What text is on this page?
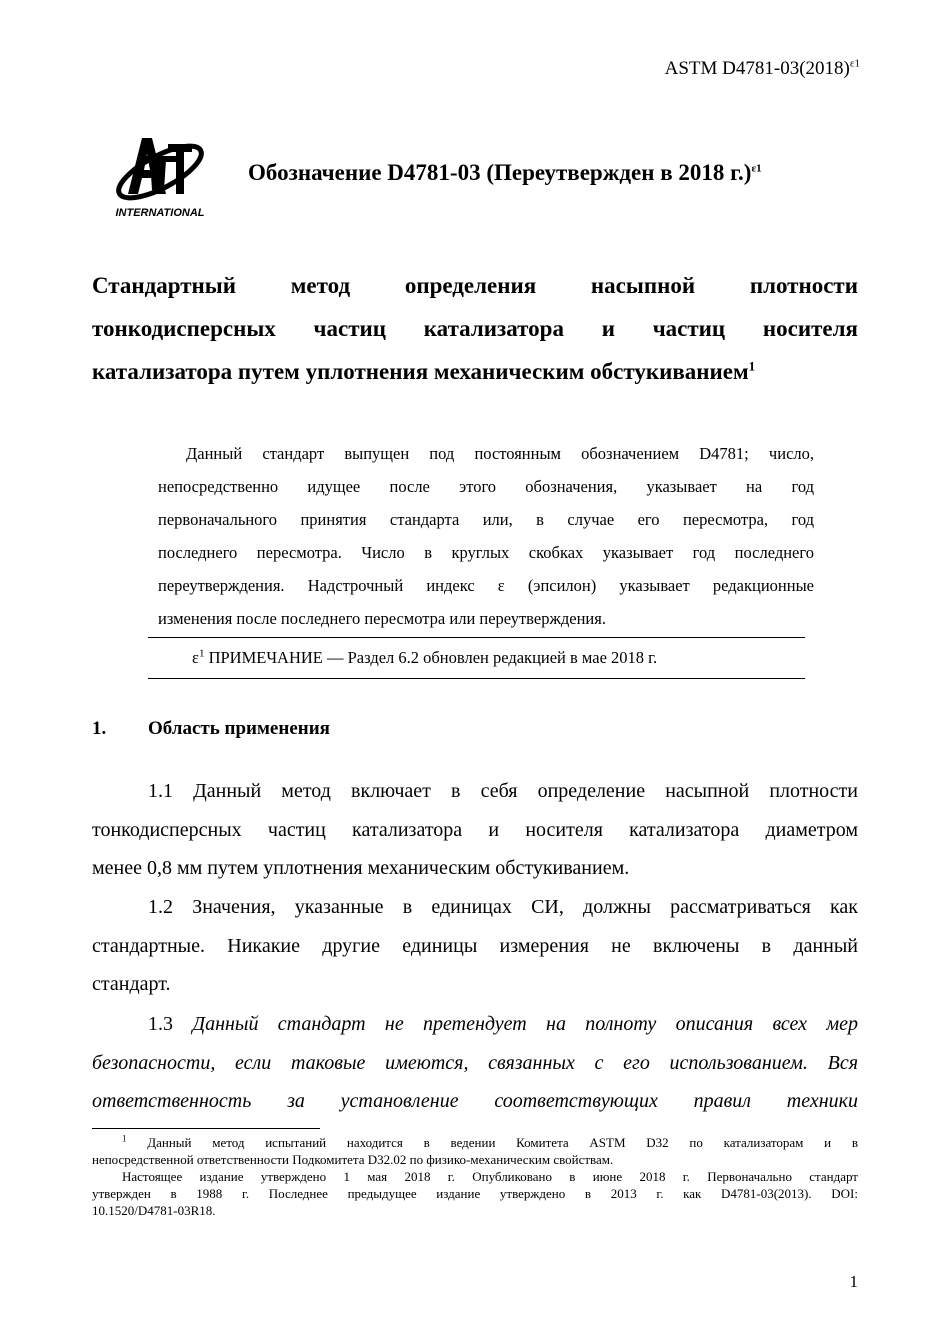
ASTM $D4781-03(2018)^{\varepsilon 1}$
INTERNATIONAL
Обозначение D4781-03 (Переутвержден в 2018 г.)$^{\varepsilon 1}$
Стандартный метод определения насыпной плотности
тонкодисперсных частиц катализатора и частиц носителя
катализатора путем уплотнения механическим обстукиванием$^1$
Данный стандарт выпущен под постоянным обозначением D4781; число,
непосредственно идущее после этого обозначения, указывает на год
первоначального принятия стандарта или, в случае его пересмотра, год
последнего пересмотра. Число в круглых скобках указывает год последнего
переутверждения. Надстрочный индекс ε (эпсилон) указывает редакционные
изменения после последнего пересмотра или переутверждения.
$\varepsilon^1$ ПРИМЕЧАНИЕ — Раздел 6.2 обновлен редакцией в мае 2018 г.
1. Область применения
1.1 Данный метод включает в себя определение насыпной плотности
тонкодисперсных частиц катализатора и носителя катализатора диаметром
менее 0,8 мм путем уплотнения механическим обстукиванием.
1.2 Значения, указанные в единицах СИ, должны рассматриваться как
стандартные. Никакие другие единицы измерения не включены в данный
стандарт.
1.3 Данный стандарт не претендует на полноту описания всех мер
безопасности, если таковые имеются, связанных с его использованием. Вся
ответственность за установление соответствующих правил техники
$^1$ Данный метод испытаний находится в ведении Комитета ASTM D32 по катализаторам и в
непосредственной ответственности Подкомитета D32.02 по физико-механическим свойствам.
Настоящее издание утверждено 1 мая 2018 г. Опубликовано в июне 2018 г. Первоначально стандарт
утвержден в 1988 г. Последнее предыдущее издание утверждено в 2013 г. как D4781-03(2013). DOI:
10.1520/D4781-03R18.
1
